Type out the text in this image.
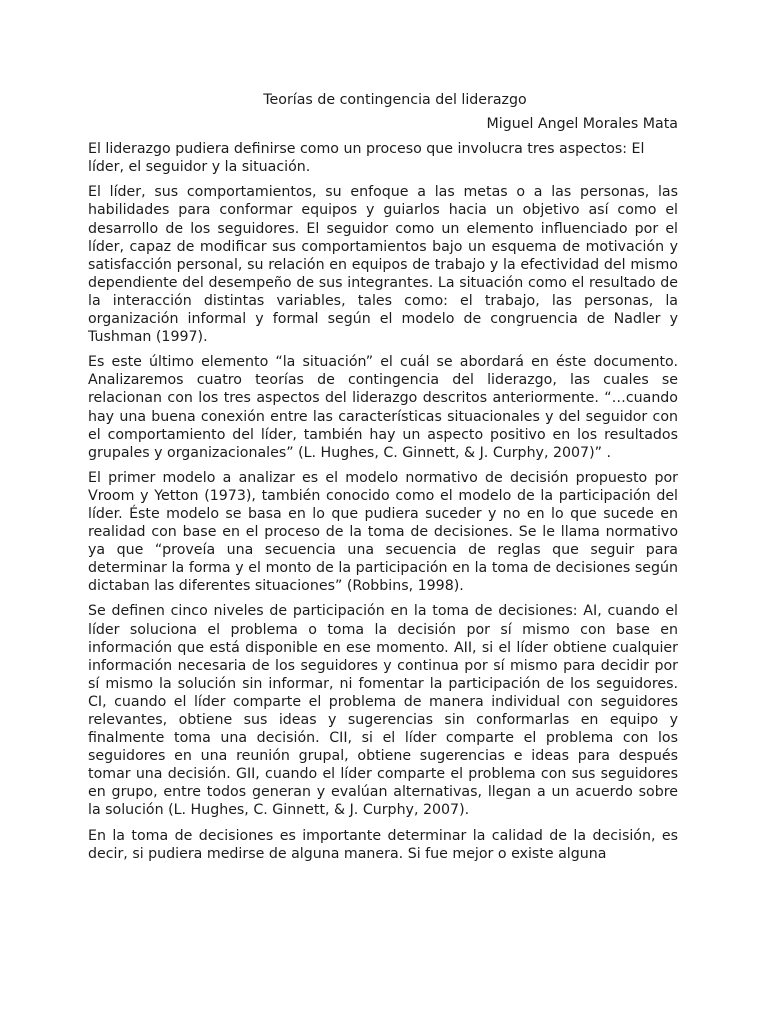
Teorías de contingencia del liderazgo
Miguel Angel Morales Mata

El liderazgo pudiera definirse como un proceso que involucra tres aspectos: El líder, el seguidor y la situación.

El líder, sus comportamientos, su enfoque a las metas o a las personas, las habilidades para conformar equipos y guiarlos hacia un objetivo así como el desarrollo de los seguidores. El seguidor como un elemento influenciado por el líder, capaz de modificar sus comportamientos bajo un esquema de motivación y satisfacción personal, su relación en equipos de trabajo y la efectividad del mismo dependiente del desempeño de sus integrantes. La situación como el resultado de la interacción distintas variables, tales como: el trabajo, las personas, la organización informal y formal según el modelo de congruencia de Nadler y Tushman (1997).

Es este último elemento “la situación” el cuál se abordará en éste documento. Analizaremos cuatro teorías de contingencia del liderazgo, las cuales se relacionan con los tres aspectos del liderazgo descritos anteriormente. “…cuando hay una buena conexión entre las características situacionales y del seguidor con el comportamiento del líder, también hay un aspecto positivo en los resultados grupales y organizacionales” (L. Hughes, C. Ginnett, & J. Curphy, 2007)” .

El primer modelo a analizar es el modelo normativo de decisión propuesto por Vroom y Yetton (1973), también conocido como el modelo de la participación del líder. Éste modelo se basa en lo que pudiera suceder y no en lo que sucede en realidad con base en el proceso de la toma de decisiones. Se le llama normativo ya que “proveía una secuencia una secuencia de reglas que seguir para determinar la forma y el monto de la participación en la toma de decisiones según dictaban las diferentes situaciones” (Robbins, 1998).

Se definen cinco niveles de participación en la toma de decisiones: AI, cuando el líder soluciona el problema o toma la decisión por sí mismo con base en información que está disponible en ese momento. AII, si el líder obtiene cualquier información necesaria de los seguidores y continua por sí mismo para decidir por sí mismo la solución sin informar, ni fomentar la participación de los seguidores. CI, cuando el líder comparte el problema de manera individual con seguidores relevantes, obtiene sus ideas y sugerencias sin conformarlas en equipo y finalmente toma una decisión. CII, si el líder comparte el problema con los seguidores en una reunión grupal, obtiene sugerencias e ideas para después tomar una decisión. GII, cuando el líder comparte el problema con sus seguidores en grupo, entre todos generan y evalúan alternativas, llegan a un acuerdo sobre la solución (L. Hughes, C. Ginnett, & J. Curphy, 2007).

En la toma de decisiones es importante determinar la calidad de la decisión, es decir, si pudiera medirse de alguna manera. Si fue mejor o existe alguna
